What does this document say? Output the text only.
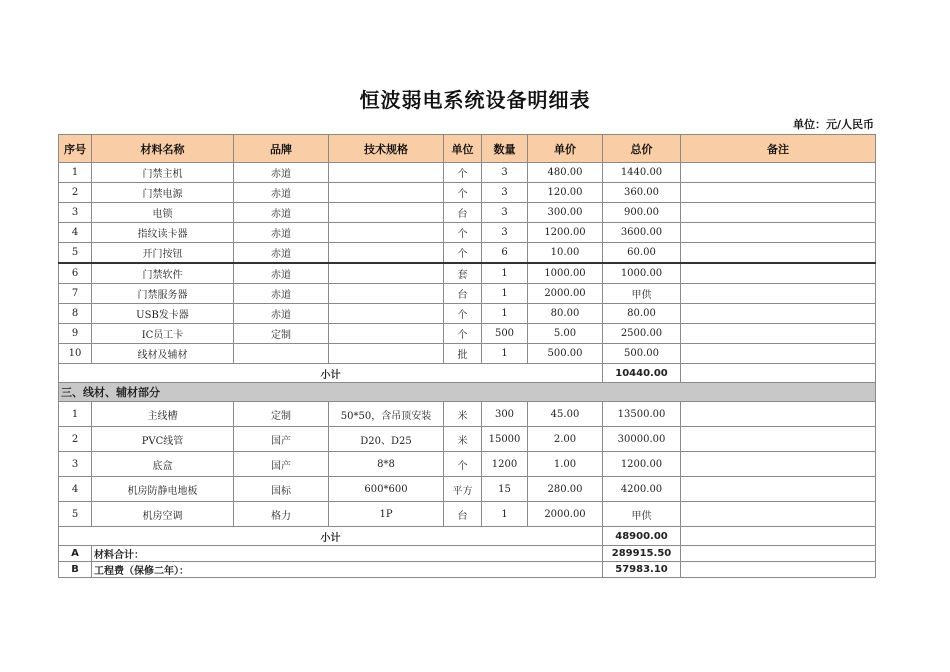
恒波弱电系统设备明细表
单位：元/人民币
序号	材料名称	品牌	技术规格	单位	数量	单价	总价	备注
1	门禁主机	赤道		个	3	480.00	1440.00	
2	门禁电源	赤道		个	3	120.00	360.00	
3	电锁	赤道		台	3	300.00	900.00	
4	指纹读卡器	赤道		个	3	1200.00	3600.00	
5	开门按钮	赤道		个	6	10.00	60.00	
6	门禁软件	赤道		套	1	1000.00	1000.00	
7	门禁服务器	赤道		台	1	2000.00	甲供	
8	USB发卡器	赤道		个	1	80.00	80.00	
9	IC员工卡	定制		个	500	5.00	2500.00	
10	线材及辅材			批	1	500.00	500.00	
小计							10440.00	
三、线材、辅材部分								
1	主线槽	定制	50*50，含吊顶安装	米	300	45.00	13500.00	
2	PVC线管	国产	D20、D25	米	15000	2.00	30000.00	
3	底盒	国产	8*8	个	1200	1.00	1200.00	
4	机房防静电地板	国标	600*600	平方	15	280.00	4200.00	
5	机房空调	格力	1P	台	1	2000.00	甲供	
小计							48900.00	
A	材料合计：						289915.50	
B	工程费（保修二年）：						57983.10	
